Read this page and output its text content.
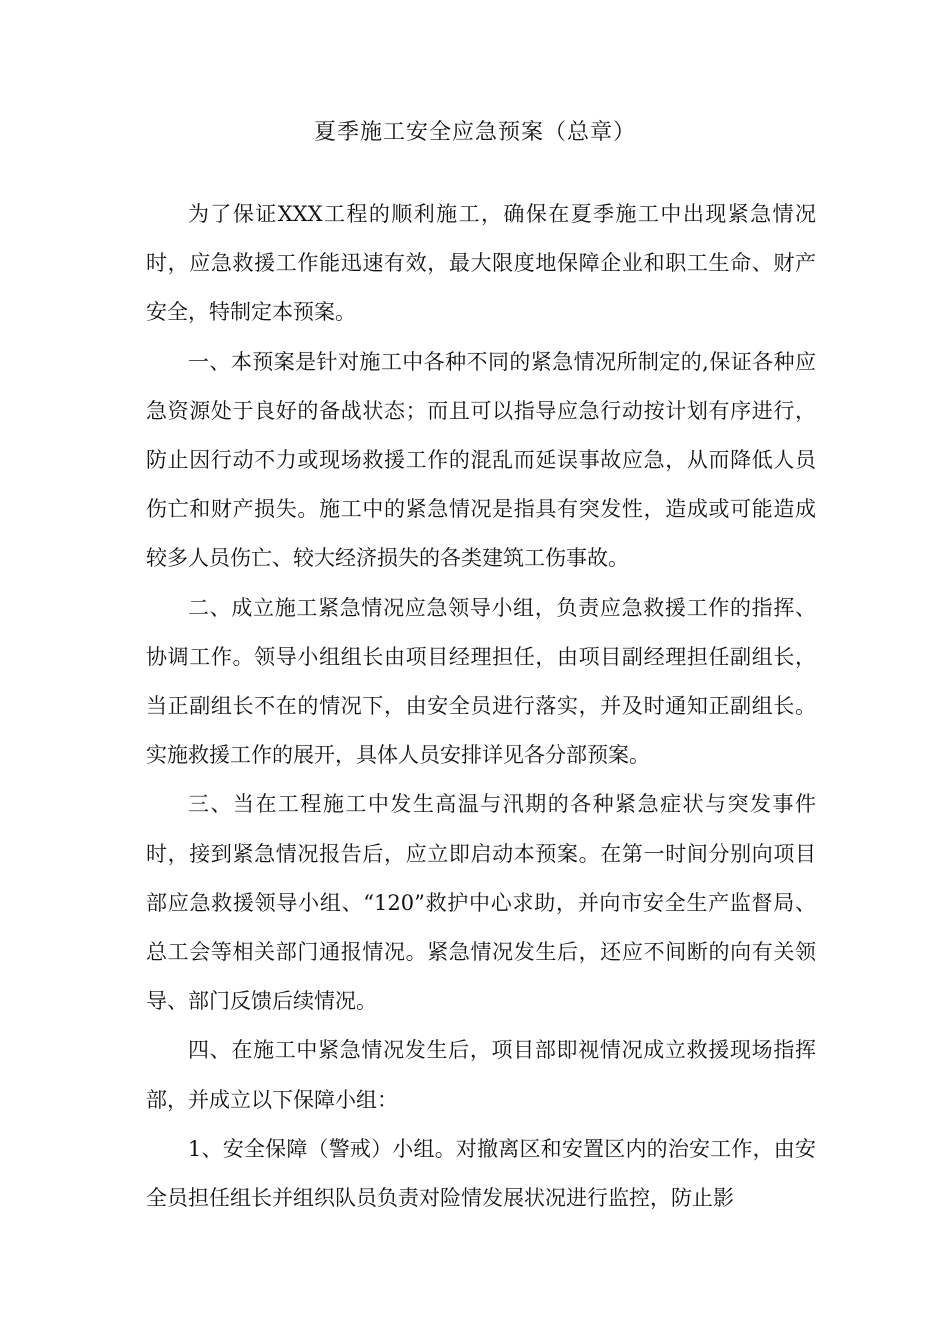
夏季施工安全应急预案（总章）

为了保证XXX工程的顺利施工，确保在夏季施工中出现紧急情况时，应急救援工作能迅速有效，最大限度地保障企业和职工生命、财产安全，特制定本预案。

一、本预案是针对施工中各种不同的紧急情况所制定的,保证各种应急资源处于良好的备战状态；而且可以指导应急行动按计划有序进行，防止因行动不力或现场救援工作的混乱而延误事故应急，从而降低人员伤亡和财产损失。施工中的紧急情况是指具有突发性，造成或可能造成较多人员伤亡、较大经济损失的各类建筑工伤事故。

二、成立施工紧急情况应急领导小组，负责应急救援工作的指挥、协调工作。领导小组组长由项目经理担任，由项目副经理担任副组长，当正副组长不在的情况下，由安全员进行落实，并及时通知正副组长。实施救援工作的展开，具体人员安排详见各分部预案。

三、当在工程施工中发生高温与汛期的各种紧急症状与突发事件时，接到紧急情况报告后，应立即启动本预案。在第一时间分别向项目部应急救援领导小组、“120”救护中心求助，并向市安全生产监督局、总工会等相关部门通报情况。紧急情况发生后，还应不间断的向有关领导、部门反馈后续情况。

四、在施工中紧急情况发生后，项目部即视情况成立救援现场指挥部，并成立以下保障小组：

1、安全保障（警戒）小组。对撤离区和安置区内的治安工作，由安全员担任组长并组织队员负责对险情发展状况进行监控，防止影
